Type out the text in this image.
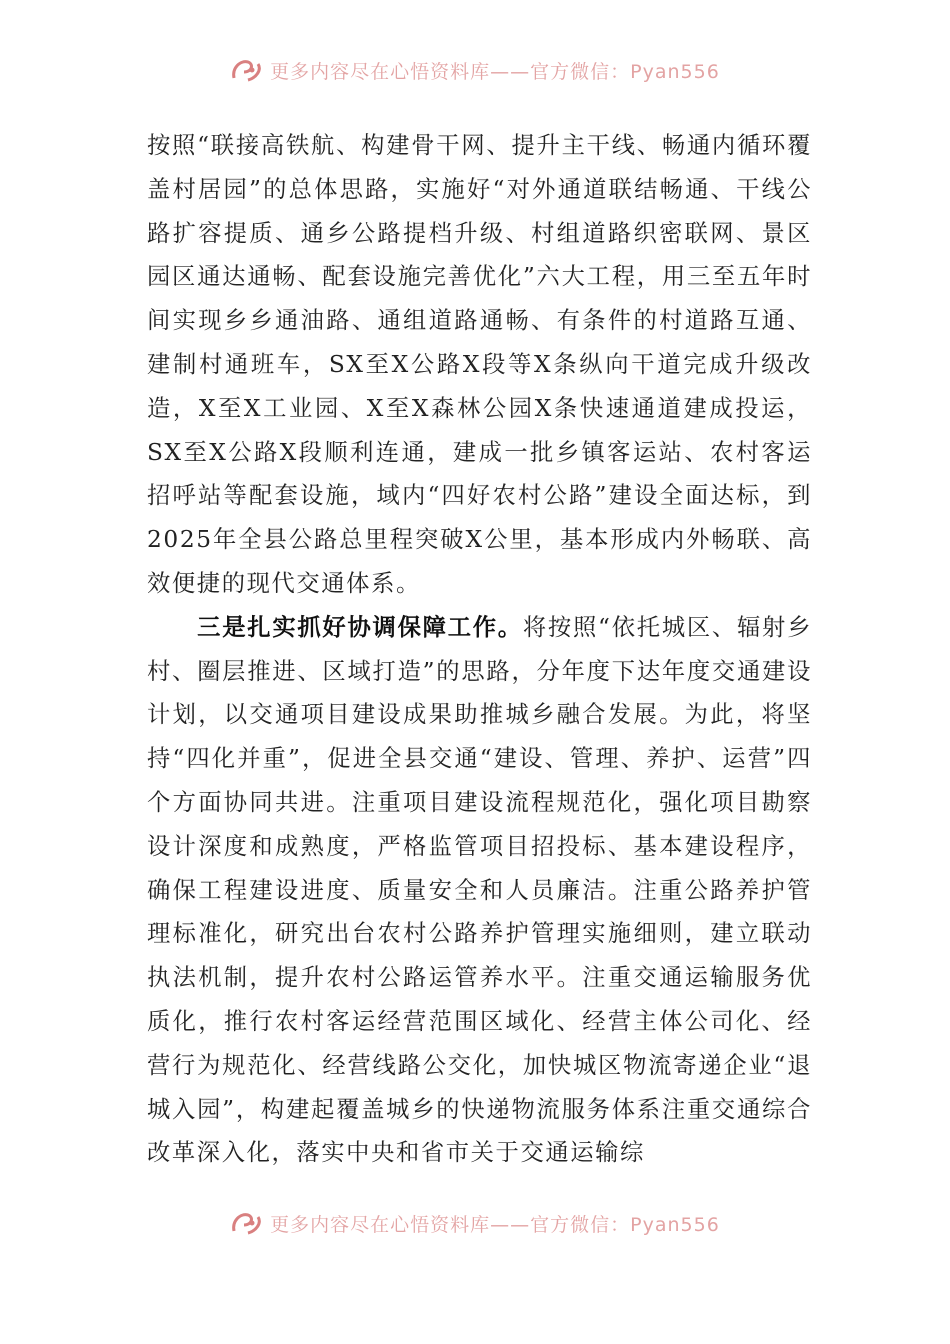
更多内容尽在心悟资料库——官方微信：Pyan556

按照“联接高铁航、构建骨干网、提升主干线、畅通内循环覆盖村居园”的总体思路，实施好“对外通道联结畅通、干线公路扩容提质、通乡公路提档升级、村组道路织密联网、景区园区通达通畅、配套设施完善优化”六大工程，用三至五年时间实现乡乡通油路、通组道路通畅、有条件的村道路互通、建制村通班车，SX至X公路X段等X条纵向干道完成升级改造，X至X工业园、X至X森林公园X条快速通道建成投运，SX至X公路X段顺利连通，建成一批乡镇客运站、农村客运招呼站等配套设施，域内“四好农村公路”建设全面达标，到2025年全县公路总里程突破X公里，基本形成内外畅联、高效便捷的现代交通体系。

三是扎实抓好协调保障工作。将按照“依托城区、辐射乡村、圈层推进、区域打造”的思路，分年度下达年度交通建设计划，以交通项目建设成果助推城乡融合发展。为此，将坚持“四化并重”，促进全县交通“建设、管理、养护、运营”四个方面协同共进。注重项目建设流程规范化，强化项目勘察设计深度和成熟度，严格监管项目招投标、基本建设程序，确保工程建设进度、质量安全和人员廉洁。注重公路养护管理标准化，研究出台农村公路养护管理实施细则，建立联动执法机制，提升农村公路运管养水平。注重交通运输服务优质化，推行农村客运经营范围区域化、经营主体公司化、经营行为规范化、经营线路公交化，加快城区物流寄递企业“退城入园”，构建起覆盖城乡的快递物流服务体系注重交通综合改革深入化，落实中央和省市关于交通运输综

更多内容尽在心悟资料库——官方微信：Pyan556
